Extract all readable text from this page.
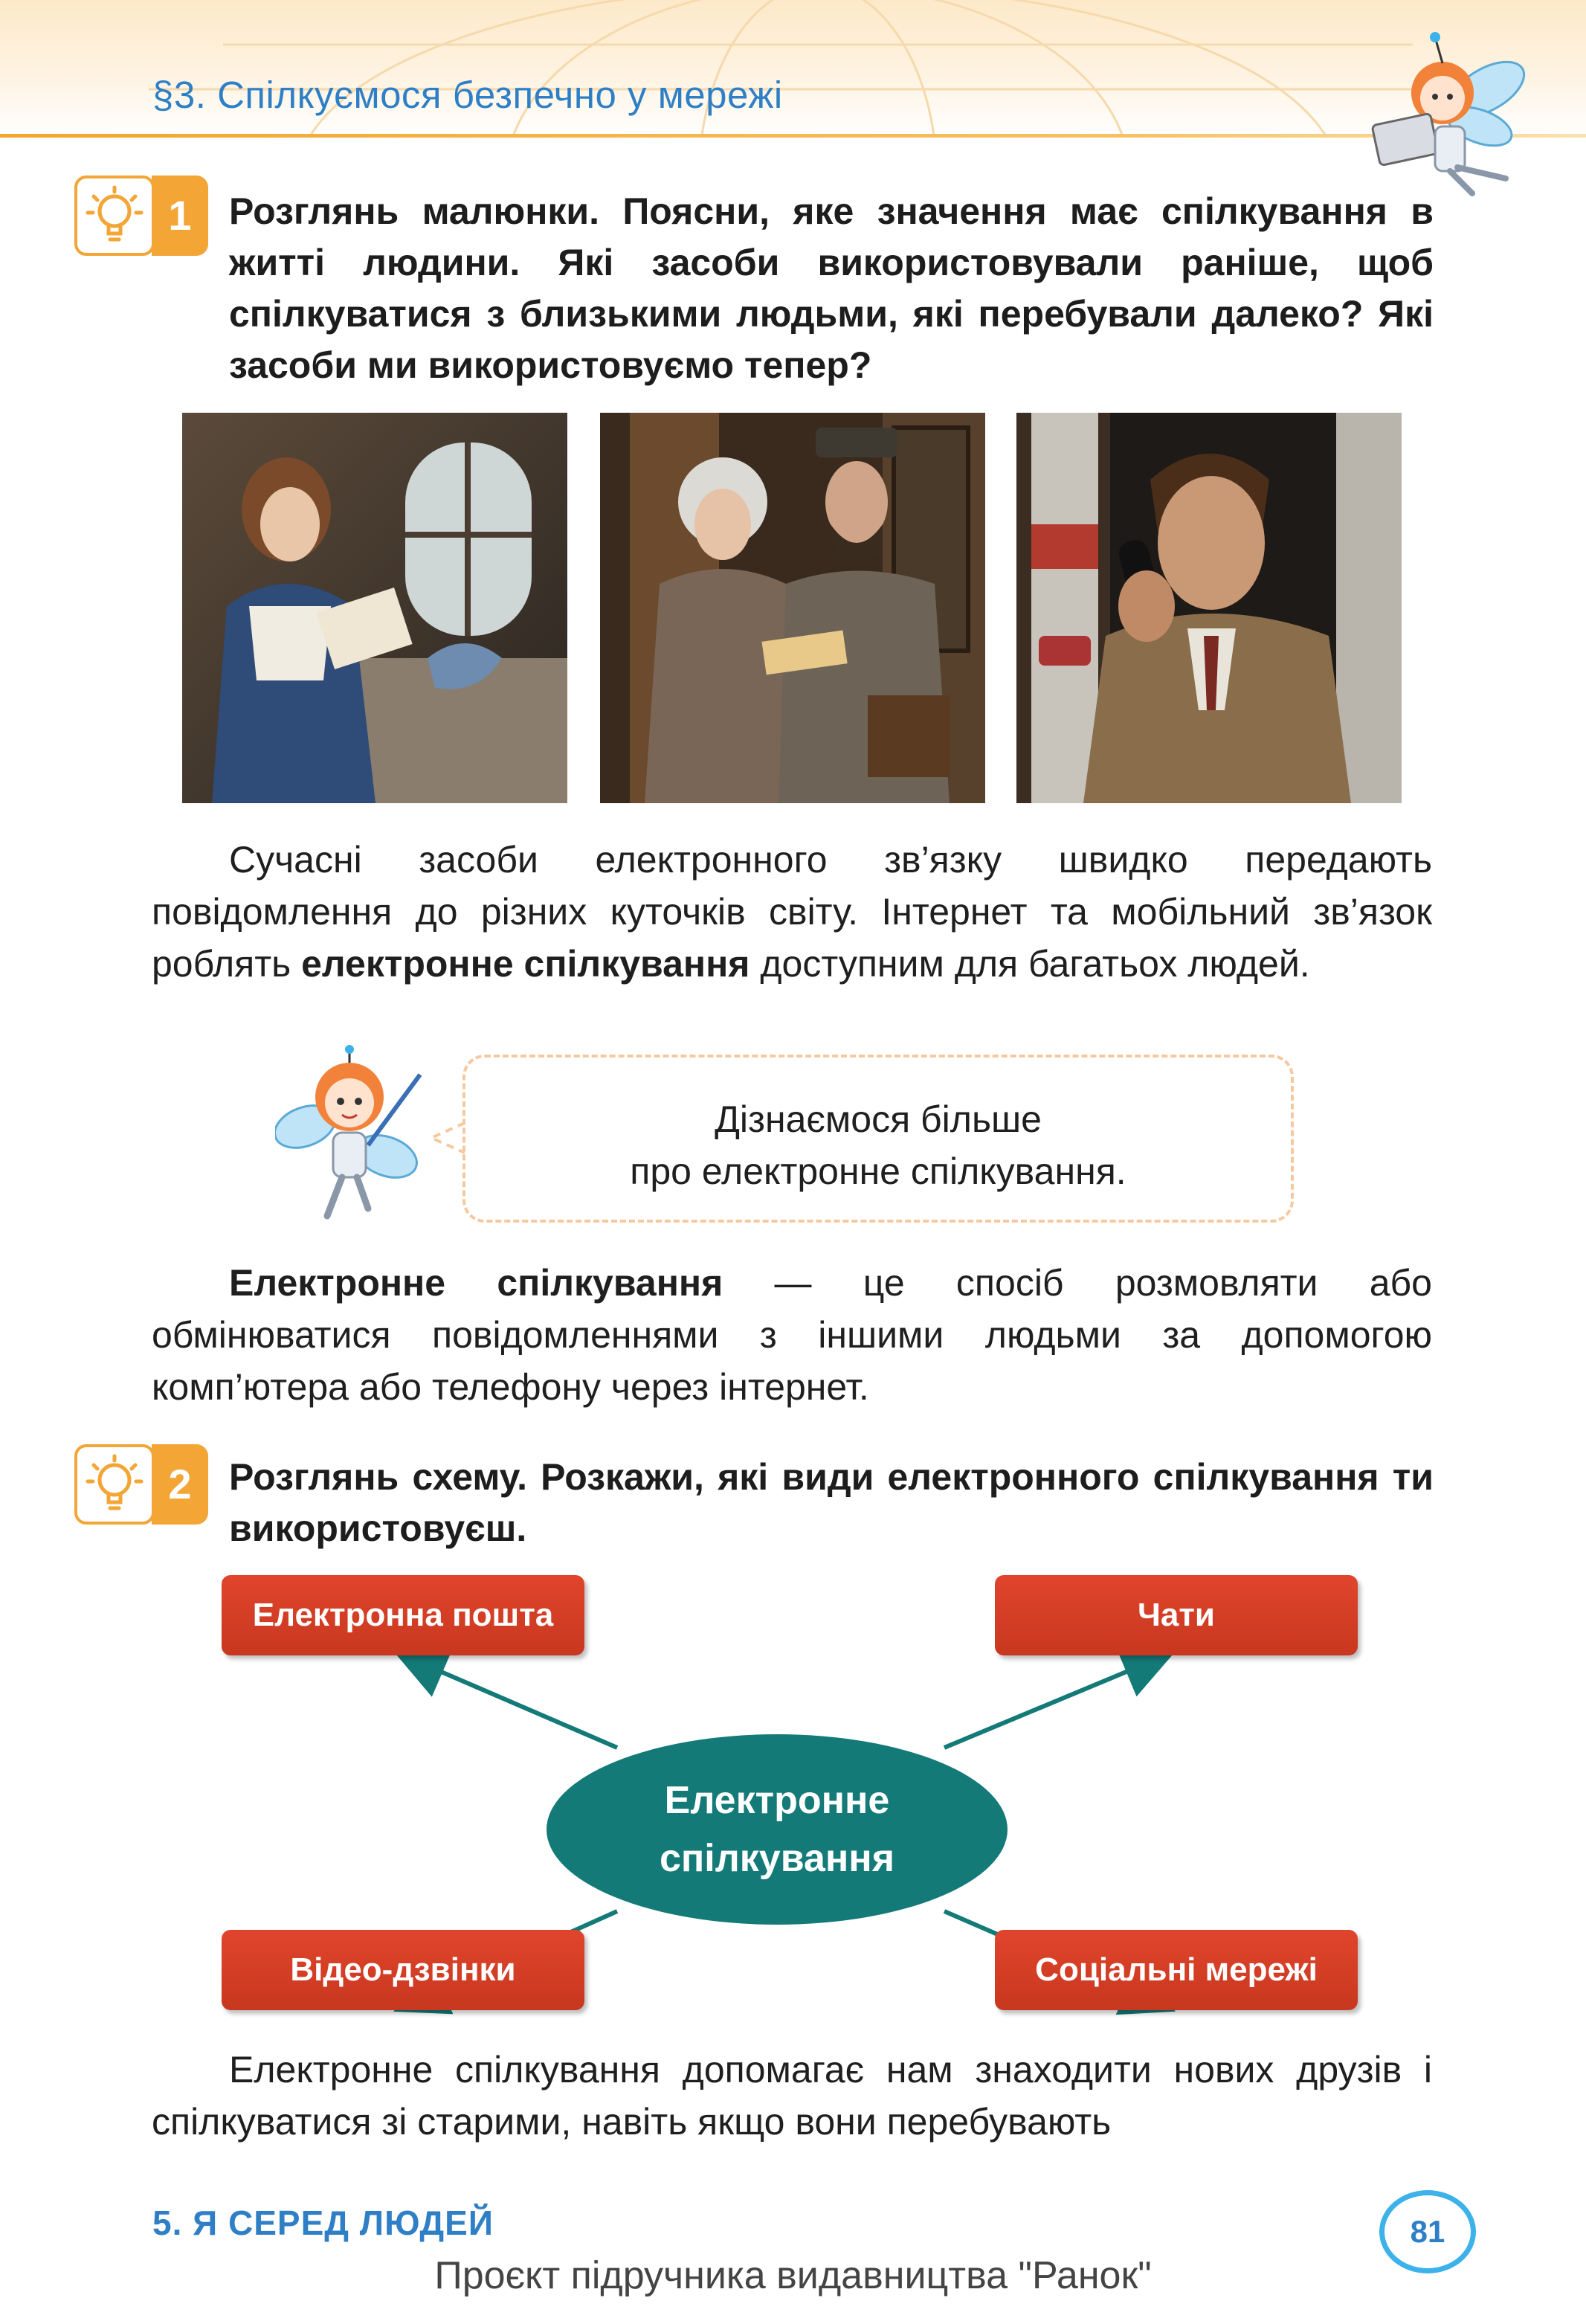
§3. Спілкуємося безпечно у мережі
1	Розглянь малюнки. Поясни, яке значення має спілкування в житті людини. Які засоби використовували раніше, щоб спілкуватися з близькими людьми, які перебували далеко? Які засоби ми використовуємо тепер?
Сучасні засоби електронного зв’язку швидко передають повідомлення до різних куточків світу. Інтернет та мобільний зв’язок роблять електронне спілкування доступним для багатьох людей.
Дізнаємося більше
про електронне спілкування.
Електронне спілкування — це спосіб розмовляти або обмінюватися повідомленнями з іншими людьми за допомогою комп’ютера або телефону через інтернет.
2	Розглянь схему. Розкажи, які види електронного спілкування ти використовуєш.
Електронна пошта	Чати
Електронне
спілкування
Відео-дзвінки	Соціальні мережі
Електронне спілкування допомагає нам знаходити нових друзів і спілкуватися зі старими, навіть якщо вони перебувають
5. Я СЕРЕД ЛЮДЕЙ	81
Проєкт підручника видавництва "Ранок"
